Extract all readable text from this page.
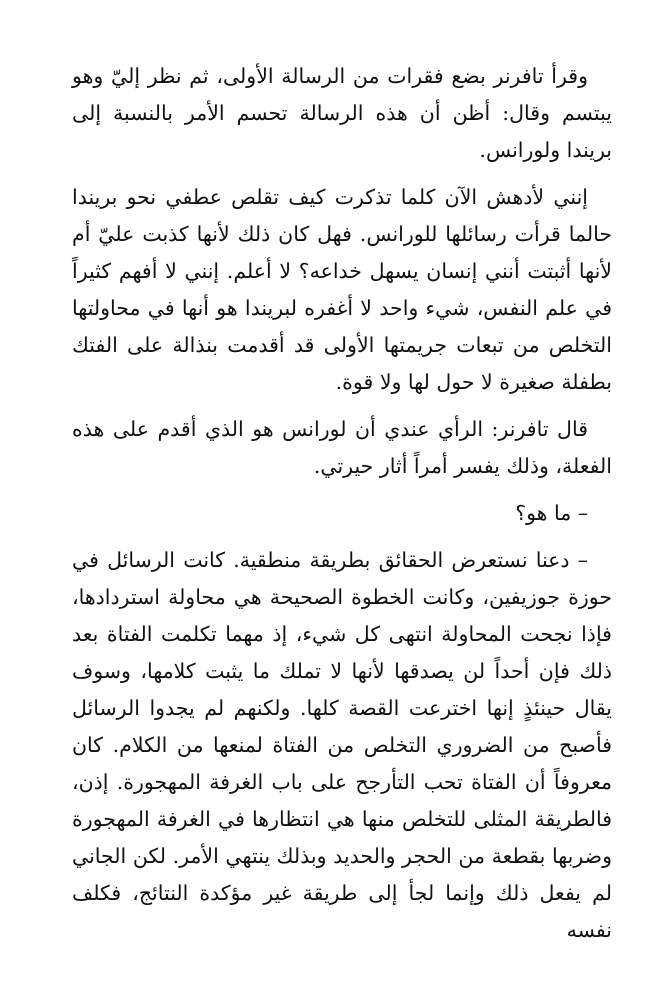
وقرأ تافرنر بضع فقرات من الرسالة الأولى، ثم نظر إليّ وهو يبتسم وقال: أظن أن هذه الرسالة تحسم الأمر بالنسبة إلى بريندا ولورانس.

إنني لأدهش الآن كلما تذكرت كيف تقلص عطفي نحو بريندا حالما قرأت رسائلها للورانس. فهل كان ذلك لأنها كذبت عليّ أم لأنها أثبتت أنني إنسان يسهل خداعه؟ لا أعلم. إنني لا أفهم كثيراً في علم النفس، شيء واحد لا أغفره لبريندا هو أنها في محاولتها التخلص من تبعات جريمتها الأولى قد أقدمت بنذالة على الفتك بطفلة صغيرة لا حول لها ولا قوة.

قال تافرنر: الرأي عندي أن لورانس هو الذي أقدم على هذه الفعلة، وذلك يفسر أمراً أثار حيرتي.

– ما هو؟

– دعنا نستعرض الحقائق بطريقة منطقية. كانت الرسائل في حوزة جوزيفين، وكانت الخطوة الصحيحة هي محاولة استردادها، فإذا نجحت المحاولة انتهى كل شيء، إذ مهما تكلمت الفتاة بعد ذلك فإن أحداً لن يصدقها لأنها لا تملك ما يثبت كلامها، وسوف يقال حينئذٍ إنها اخترعت القصة كلها. ولكنهم لم يجدوا الرسائل فأصبح من الضروري التخلص من الفتاة لمنعها من الكلام. كان معروفاً أن الفتاة تحب التأرجح على باب الغرفة المهجورة. إذن، فالطريقة المثلى للتخلص منها هي انتظارها في الغرفة المهجورة وضربها بقطعة من الحجر والحديد وبذلك ينتهي الأمر. لكن الجاني لم يفعل ذلك وإنما لجأ إلى طريقة غير مؤكدة النتائج، فكلف نفسه
